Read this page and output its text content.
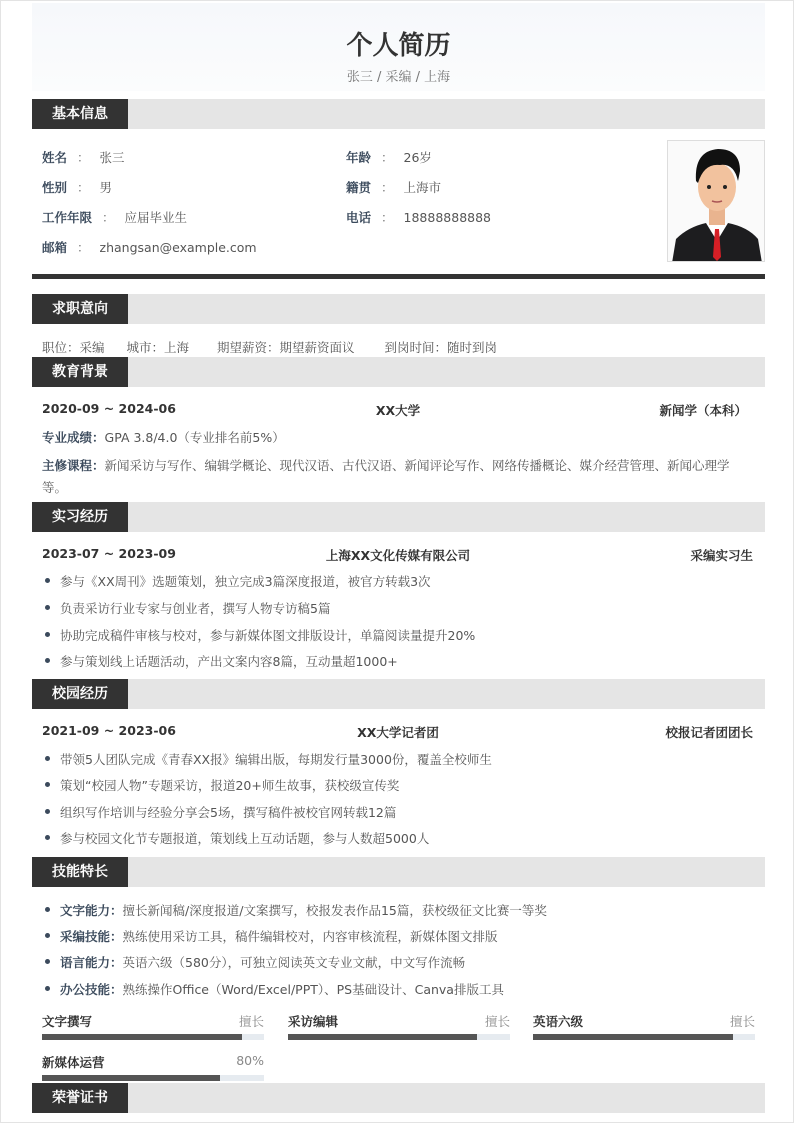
个人简历
张三 / 采编 / 上海
基本信息
姓名 ： 张三	年龄 ： 26岁
性别 ： 男	籍贯 ： 上海市
工作年限 ： 应届毕业生	电话 ： 18888888888
邮箱 ： zhangsan@example.com
求职意向
职位：采编 城市：上海 期望薪资：期望薪资面议 到岗时间：随时到岗
教育背景
2020-09 ~ 2024-06	XX大学	新闻学（本科）
专业成绩：GPA 3.8/4.0（专业排名前5%）
主修课程：新闻采访与写作、编辑学概论、现代汉语、古代汉语、新闻评论写作、网络传播概论、媒介经营管理、新闻心理学
等。
实习经历
2023-07 ~ 2023-09	上海XX文化传媒有限公司	采编实习生
参与《XX周刊》选题策划，独立完成3篇深度报道，被官方转载3次
负责采访行业专家与创业者，撰写人物专访稿5篇
协助完成稿件审核与校对，参与新媒体图文排版设计，单篇阅读量提升20%
参与策划线上话题活动，产出文案内容8篇，互动量超1000+
校园经历
2021-09 ~ 2023-06	XX大学记者团	校报记者团团长
带领5人团队完成《青春XX报》编辑出版，每期发行量3000份，覆盖全校师生
策划“校园人物”专题采访，报道20+师生故事，获校级宣传奖
组织写作培训与经验分享会5场，撰写稿件被校官网转载12篇
参与校园文化节专题报道，策划线上互动话题，参与人数超5000人
技能特长
文字能力：擅长新闻稿/深度报道/文案撰写，校报发表作品15篇，获校级征文比赛一等奖
采编技能：熟练使用采访工具，稿件编辑校对，内容审核流程，新媒体图文排版
语言能力：英语六级（580分），可独立阅读英文专业文献，中文写作流畅
办公技能：熟练操作Office（Word/Excel/PPT）、PS基础设计、Canva排版工具
文字撰写	擅长 采访编辑	擅长 英语六级	擅长
新媒体运营	80%
荣誉证书
